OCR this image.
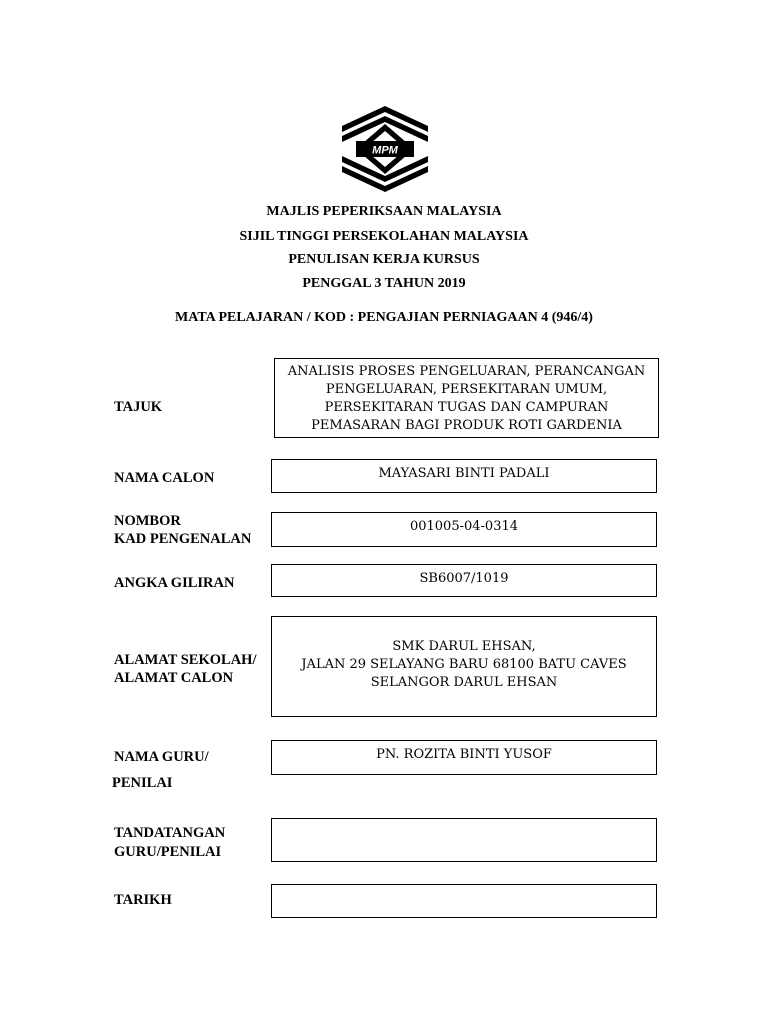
MPM
MAJLIS PEPERIKSAAN MALAYSIA
SIJIL TINGGI PERSEKOLAHAN MALAYSIA
PENULISAN KERJA KURSUS
PENGGAL 3 TAHUN 2019
MATA PELAJARAN / KOD : PENGAJIAN PERNIAGAAN 4 (946/4)
TAJUK
ANALISIS PROSES PENGELUARAN, PERANCANGAN
PENGELUARAN, PERSEKITARAN UMUM,
PERSEKITARAN TUGAS DAN CAMPURAN
PEMASARAN BAGI PRODUK ROTI GARDENIA
NAMA CALON	MAYASARI BINTI PADALI
NOMBOR
KAD PENGENALAN
001005-04-0314
ANGKA GILIRAN	SB6007/1019
ALAMAT SEKOLAH/
ALAMAT CALON
SMK DARUL EHSAN,
JALAN 29 SELAYANG BARU 68100 BATU CAVES
SELANGOR DARUL EHSAN
NAMA GURU/
PENILAI
PN. ROZITA BINTI YUSOF
TANDATANGAN
GURU/PENILAI
TARIKH
